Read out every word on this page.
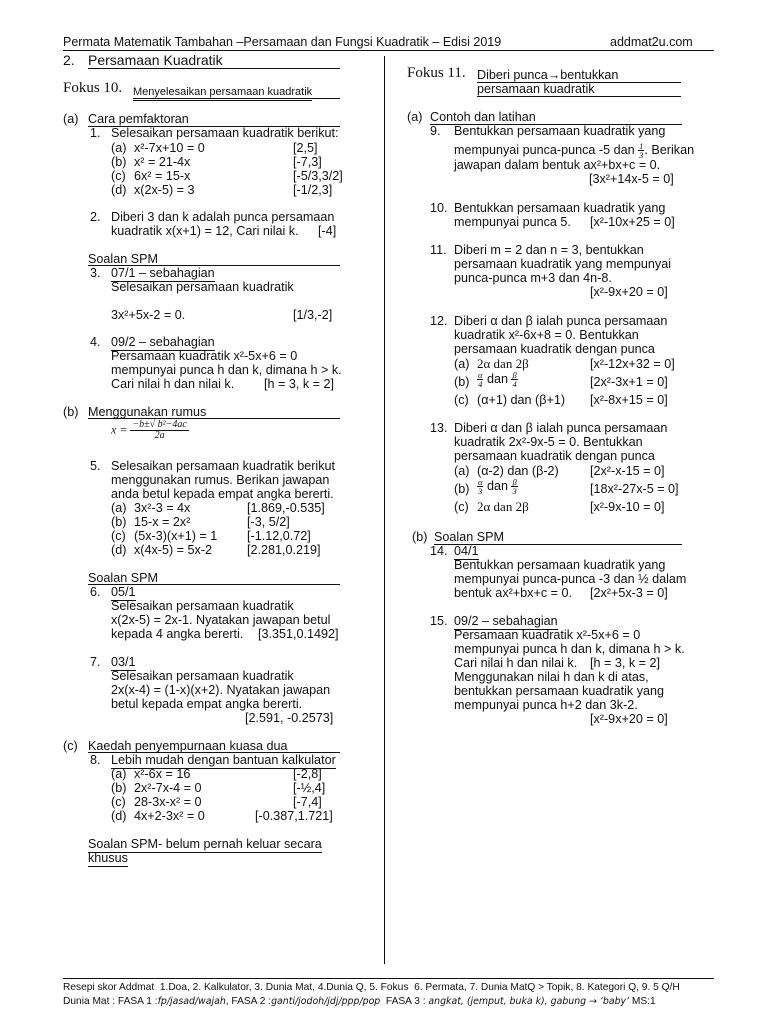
Permata Matematik Tambahan –Persamaan dan Fungsi Kuadratik – Edisi 2019	addmat2u.com
2. Persamaan Kuadratik
Fokus 10. Menyelesaikan persamaan kuadratik
(a) Cara pemfaktoran
1. Selesaikan persamaan kuadratik berikut:
(a) x²-7x+10 = 0	[2,5]
(b) x² = 21-4x	[-7,3]
(c) 6x² = 15-x	[-5/3,3/2]
(d) x(2x-5) = 3	[-1/2,3]
2. Diberi 3 dan k adalah punca persamaan
kuadratik x(x+1) = 12, Cari nilai k. [-4]
Soalan SPM
3. 07/1 – sebahagian
Selesaikan persamaan kuadratik
3x²+5x-2 = 0.	[1/3,-2]
4. 09/2 – sebahagian
Persamaan kuadratik x²-5x+6 = 0
mempunyai punca h dan k, dimana h > k.
Cari nilai h dan nilai k. [h = 3, k = 2]
(b) Menggunakan rumus
$x = \frac{\text{−b±√ b²−4ac}}{2a}$
5. Selesaikan persamaan kuadratik berikut
menggunakan rumus. Berikan jawapan
anda betul kepada empat angka bererti.
(a) 3x²-3 = 4x	[1.869,-0.535]
(b) 15-x = 2x²	[-3, 5/2]
(c) (5x-3)(x+1) = 1 [-1.12,0.72]
(d) x(4x-5) = 5x-2	[2.281,0.219]
Soalan SPM
6. 05/1
Selesaikan persamaan kuadratik
x(2x-5) = 2x-1. Nyatakan jawapan betul
kepada 4 angka bererti. [3.351,0.1492]
7. 03/1
Selesaikan persamaan kuadratik
2x(x-4) = (1-x)(x+2). Nyatakan jawapan
betul kepada empat angka bererti.
[2.591, -0.2573]
(c) Kaedah penyempurnaan kuasa dua
8. Lebih mudah dengan bantuan kalkulator
(a) x²-6x = 16	[-2,8]
(b) 2x²-7x-4 = 0	[-½,4]
(c) 28-3x-x² = 0	[-7,4]
(d) 4x+2-3x² = 0	[-0.387,1.721]
Soalan SPM- belum pernah keluar secara
khusus
Fokus 11. Diberi punca→bentukkan
persamaan kuadratik
(a) Contoh dan latihan
9. Bentukkan persamaan kuadratik yang
mempunyai punca-punca -5 dan $\frac{1}{3}$ . Berikan
jawapan dalam bentuk ax²+bx+c = 0.
[3x²+14x-5 = 0]
10. Bentukkan persamaan kuadratik yang
mempunyai punca 5. [x²-10x+25 = 0]
11. Diberi m = 2 dan n = 3, bentukkan
persamaan kuadratik yang mempunyai
punca-punca m+3 dan 4n-8.
[x²-9x+20 = 0]
12. Diberi α dan β ialah punca persamaan
kuadratik x²-6x+8 = 0. Bentukkan
persamaan kuadratik dengan punca
(a) 2α dan 2β	[x²-12x+32 = 0]
$(b) \frac{\alpha}{4}$ dan $\frac{\beta}{4}$	[2x²-3x+1 = 0]
(c) (α+1) dan (β+1) [x²-8x+15 = 0]
13. Diberi α dan β ialah punca persamaan
kuadratik 2x²-9x-5 = 0. Bentukkan
persamaan kuadratik dengan punca
(a) (α-2) dan (β-2) [2x²-x-15 = 0]
$(b) \frac{\alpha}{3}$ dan $\frac{\beta}{3}$	[18x²-27x-5 = 0]
(c) 2α dan 2β	[x²-9x-10 = 0]
(b) Soalan SPM
14. 04/1
Bentukkan persamaan kuadratik yang
mempunyai punca-punca -3 dan ½ dalam
bentuk ax²+bx+c = 0. [2x²+5x-3 = 0]
15. 09/2 – sebahagian
Persamaan kuadratik x²-5x+6 = 0
mempunyai punca h dan k, dimana h > k.
Cari nilai h dan nilai k. [h = 3, k = 2]
Menggunakan nilai h dan k di atas,
bentukkan persamaan kuadratik yang
mempunyai punca h+2 dan 3k-2.
[x²-9x+20 = 0]
Resepi skor Addmat  1.Doa, 2. Kalkulator, 3. Dunia Mat, 4.Dunia Q, 5. Fokus  6. Permata, 7. Dunia MatQ > Topik, 8. Kategori Q, 9. 5 Q/H
Dunia Mat : FASA 1 :fp/jasad/wajah, FASA 2 :ganti/jodoh/jdj/ppp/pop  FASA 3 : angkat, (jemput, buka k), gabung → ‘baby’ MS:1
